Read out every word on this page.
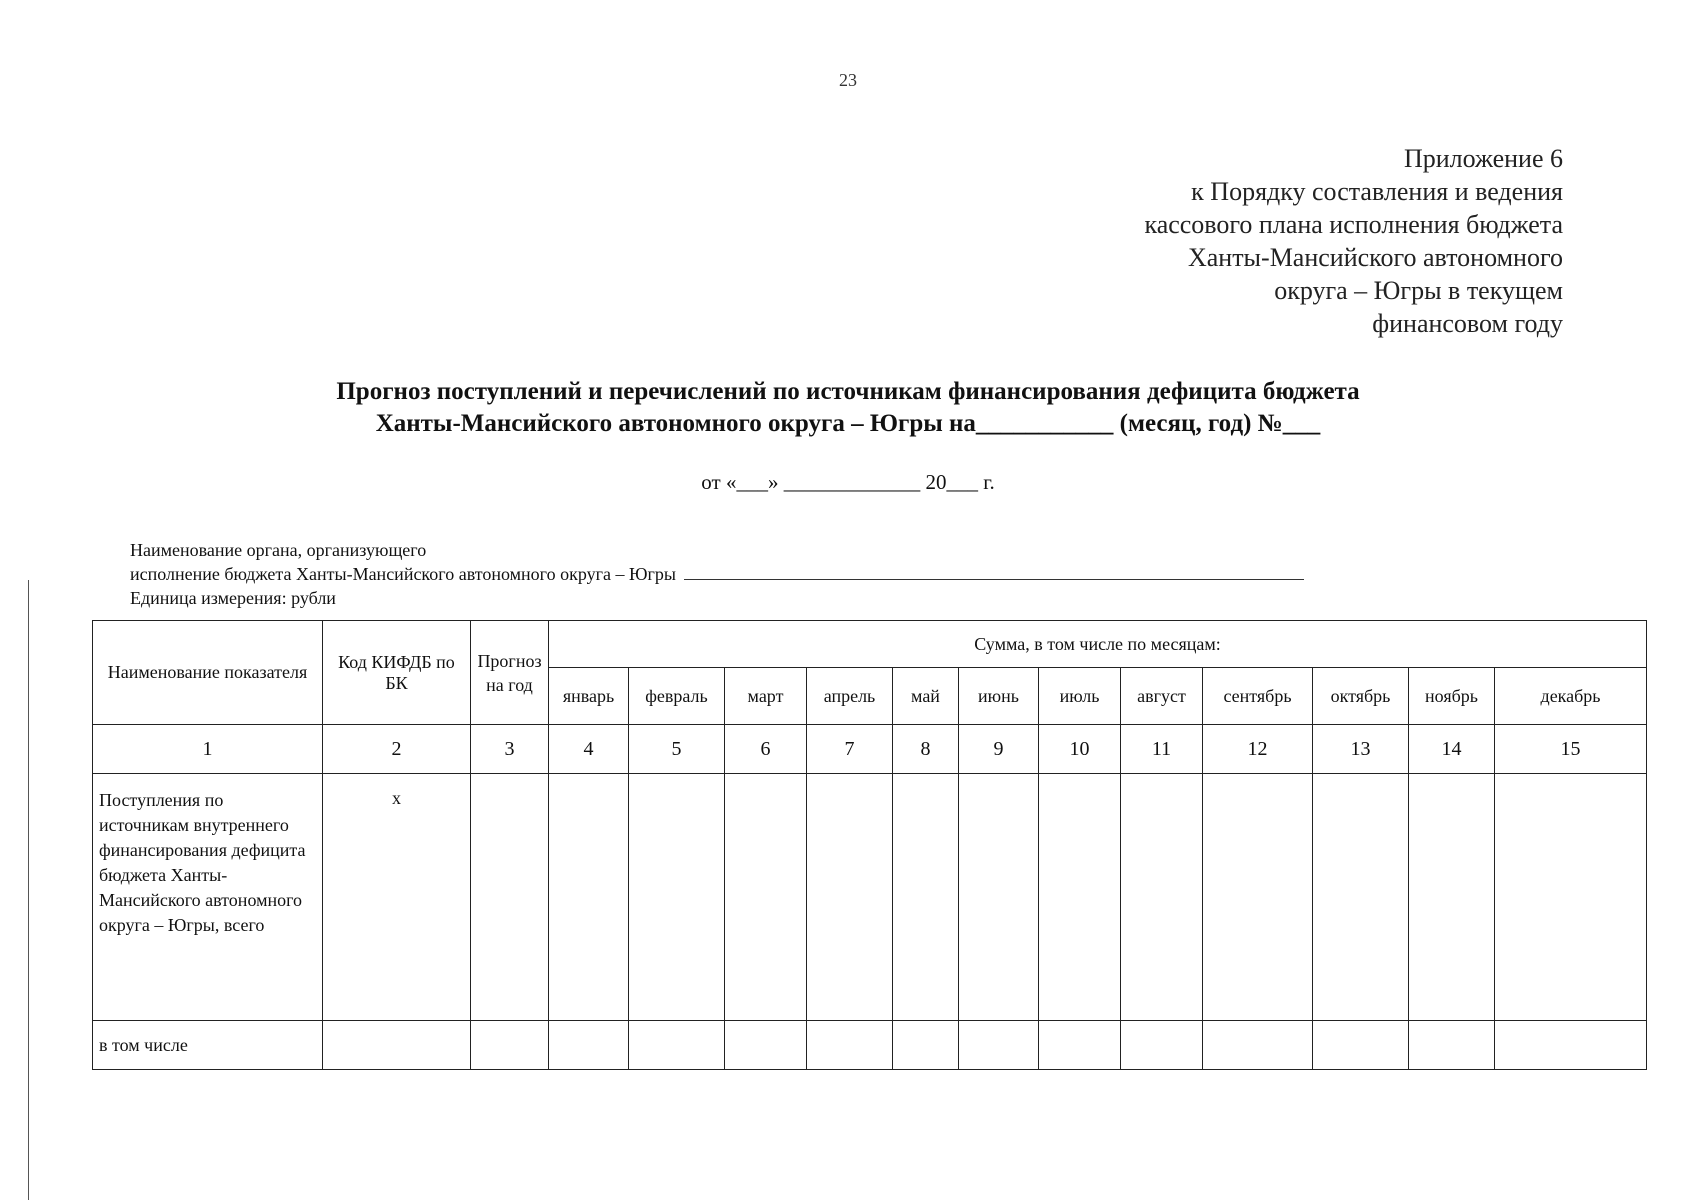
23
Приложение 6
к Порядку составления и ведения
кассового плана исполнения бюджета
Ханты-Мансийского автономного
округа – Югры в текущем
финансовом году
Прогноз поступлений и перечислений по источникам финансирования дефицита бюджета
Ханты-Мансийского автономного округа – Югры на___________ (месяц, год) №___
от «___» _____________ 20___ г.
Наименование органа, организующего
исполнение бюджета Ханты-Мансийского автономного округа – Югры
Единица измерения: рубли
Наименование показателя	Код КИФДБ по БК	Прогноз на год	Сумма, в том числе по месяцам:											
			январь	февраль	март	апрель	май	июнь	июль	август	сентябрь	октябрь	ноябрь	декабрь
1	2	3	4	5	6	7	8	9	10	11	12	13	14	15
Поступления по источникам внутреннего финансирования дефицита бюджета Ханты-Мансийского автономного округа – Югры, всего	x													
в том числе														
